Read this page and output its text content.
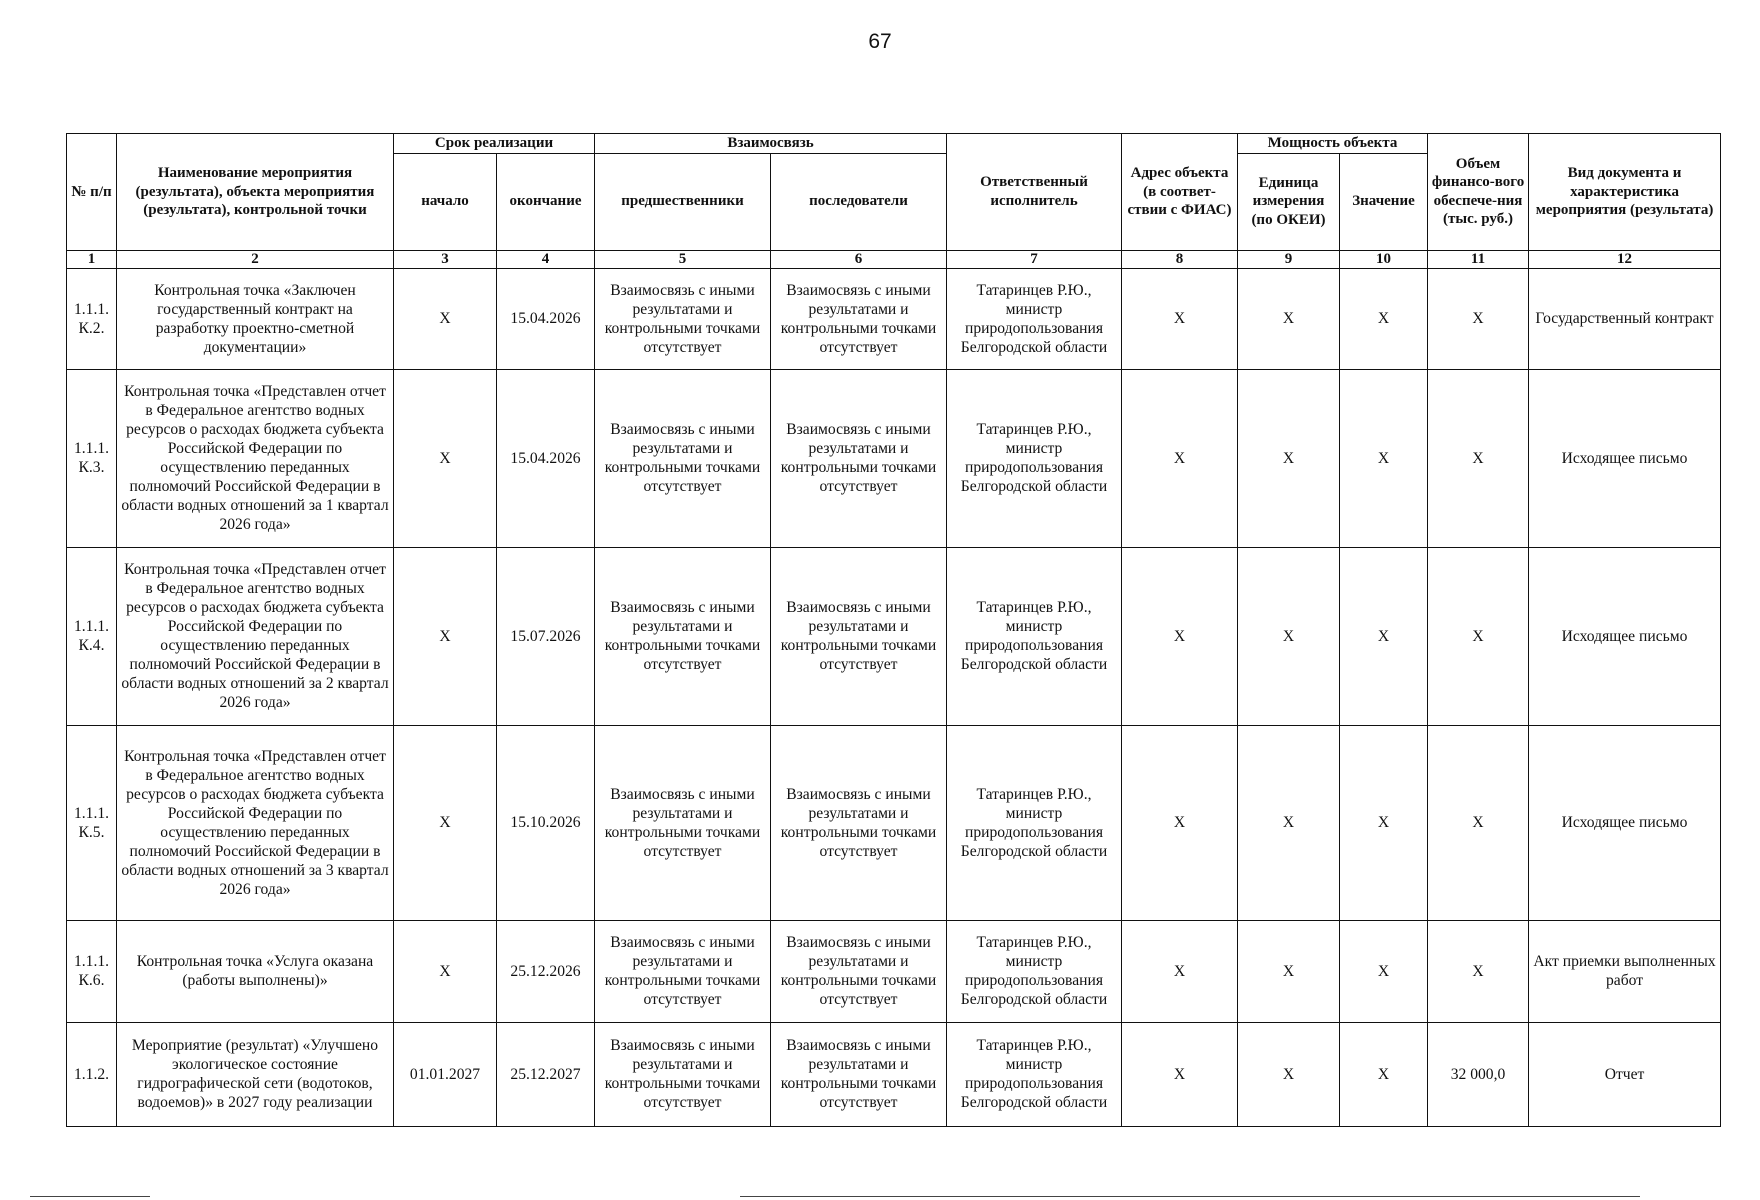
67
№ п/п	Наименование мероприятия (результата), объекта мероприятия (результата), контрольной точки	Срок реализации		Взаимосвязь		Ответственный исполнитель	Адрес объекта (в соответ-ствии с ФИАС)	Мощность объекта		Объем финансо-вого обеспече-ния (тыс. руб.)	Вид документа и характеристика мероприятия (результата)
		начало	окончание	предшественники	последователи			Единица измерения (по ОКЕИ)	Значение		
1	2	3	4	5	6	7	8	9	10	11	12
1.1.1. К.2.	Контрольная точка «Заключен государственный контракт на разработку проектно-сметной документации»	X	15.04.2026	Взаимосвязь с иными результатами и контрольными точками отсутствует	Взаимосвязь с иными результатами и контрольными точками отсутствует	Татаринцев Р.Ю., министр природопользования Белгородской области	X	X	X	X	Государственный контракт
1.1.1. К.3.	Контрольная точка «Представлен отчет в Федеральное агентство водных ресурсов о расходах бюджета субъекта Российской Федерации по осуществлению переданных полномочий Российской Федерации в области водных отношений за 1 квартал 2026 года»	X	15.04.2026	Взаимосвязь с иными результатами и контрольными точками отсутствует	Взаимосвязь с иными результатами и контрольными точками отсутствует	Татаринцев Р.Ю., министр природопользования Белгородской области	X	X	X	X	Исходящее письмо
1.1.1. К.4.	Контрольная точка «Представлен отчет в Федеральное агентство водных ресурсов о расходах бюджета субъекта Российской Федерации по осуществлению переданных полномочий Российской Федерации в области водных отношений за 2 квартал 2026 года»	X	15.07.2026	Взаимосвязь с иными результатами и контрольными точками отсутствует	Взаимосвязь с иными результатами и контрольными точками отсутствует	Татаринцев Р.Ю., министр природопользования Белгородской области	X	X	X	X	Исходящее письмо
1.1.1. К.5.	Контрольная точка «Представлен отчет в Федеральное агентство водных ресурсов о расходах бюджета субъекта Российской Федерации по осуществлению переданных полномочий Российской Федерации в области водных отношений за 3 квартал 2026 года»	X	15.10.2026	Взаимосвязь с иными результатами и контрольными точками отсутствует	Взаимосвязь с иными результатами и контрольными точками отсутствует	Татаринцев Р.Ю., министр природопользования Белгородской области	X	X	X	X	Исходящее письмо
1.1.1. К.6.	Контрольная точка «Услуга оказана (работы выполнены)»	X	25.12.2026	Взаимосвязь с иными результатами и контрольными точками отсутствует	Взаимосвязь с иными результатами и контрольными точками отсутствует	Татаринцев Р.Ю., министр природопользования Белгородской области	X	X	X	X	Акт приемки выполненных работ
1.1.2.	Мероприятие (результат) «Улучшено экологическое состояние гидрографической сети (водотоков, водоемов)» в 2027 году реализации	01.01.2027	25.12.2027	Взаимосвязь с иными результатами и контрольными точками отсутствует	Взаимосвязь с иными результатами и контрольными точками отсутствует	Татаринцев Р.Ю., министр природопользования Белгородской области	X	X	X	32 000,0	Отчет
